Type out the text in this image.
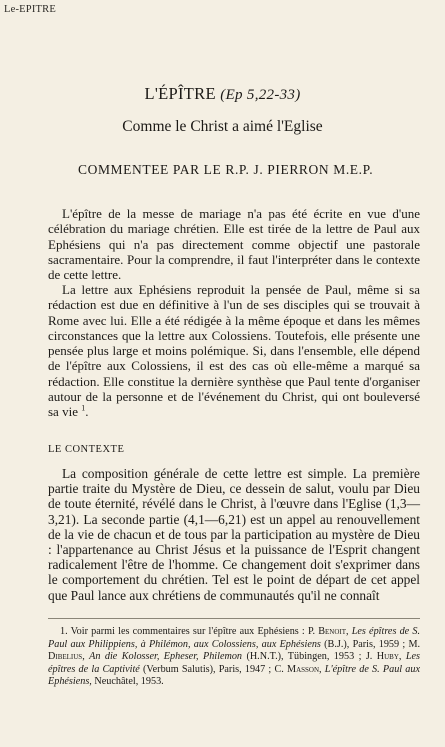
Le-EPITRE
L'ÉPÎTRE (Ep 5,22-33)
Comme le Christ a aimé l'Eglise
COMMENTEE PAR LE R.P. J. PIERRON M.E.P.

L'épître de la messe de mariage n'a pas été écrite en vue d'une célébration du mariage chrétien. Elle est tirée de la lettre de Paul aux Ephésiens qui n'a pas directement comme objectif une pastorale sacramentaire. Pour la comprendre, il faut l'interpréter dans le contexte de cette lettre.

La lettre aux Ephésiens reproduit la pensée de Paul, même si sa rédaction est due en définitive à l'un de ses disciples qui se trouvait à Rome avec lui. Elle a été rédigée à la même époque et dans les mêmes circonstances que la lettre aux Colossiens. Toutefois, elle présente une pensée plus large et moins polémique. Si, dans l'ensemble, elle dépend de l'épître aux Colossiens, il est des cas où elle-même a marqué sa rédaction. Elle constitue la dernière synthèse que Paul tente d'organiser autour de la personne et de l'événement du Christ, qui ont bouleversé sa vie $^1$.

LE CONTEXTE

La composition générale de cette lettre est simple. La première partie traite du Mystère de Dieu, ce dessein de salut, voulu par Dieu de toute éternité, révélé dans le Christ, à l'œuvre dans l'Eglise (1,3—3,21). La seconde partie (4,1—6,21) est un appel au renouvellement de la vie de chacun et de tous par la participation au mystère de Dieu : l'appartenance au Christ Jésus et la puissance de l'Esprit changent radicalement l'être de l'homme. Ce changement doit s'exprimer dans le comportement du chrétien. Tel est le point de départ de cet appel que Paul lance aux chrétiens de communautés qu'il ne connaît

1. Voir parmi les commentaires sur l'épître aux Ephésiens : P. Benoit, Les épîtres de S. Paul aux Philippiens, à Philémon, aux Colossiens, aux Ephésiens (B.J.), Paris, 1959 ; M. Dibelius, An die Kolosser, Epheser, Philemon (H.N.T.), Tübingen, 1953 ; J. Huby, Les épîtres de la Captivité (Verbum Salutis), Paris, 1947 ; C. Masson, L'épître de S. Paul aux Ephésiens, Neuchâtel, 1953.
